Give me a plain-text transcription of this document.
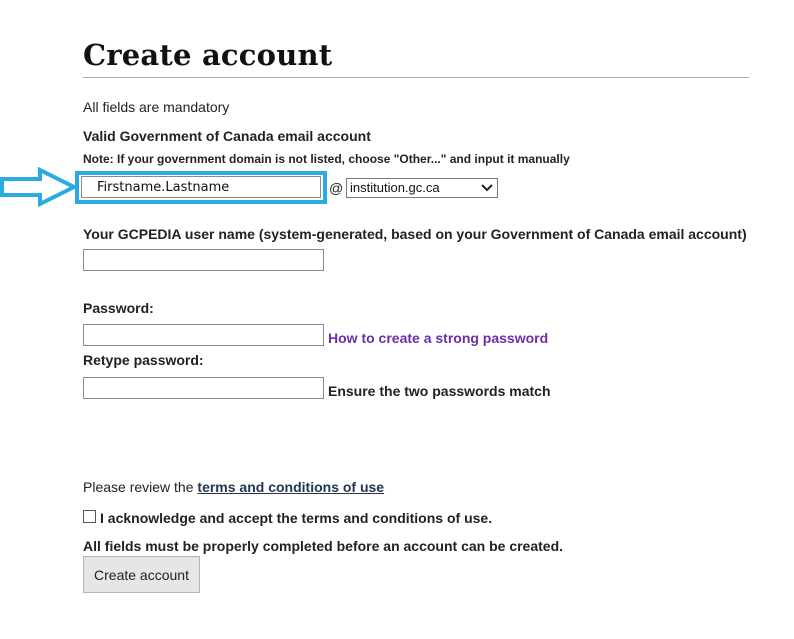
Create account
All fields are mandatory
Valid Government of Canada email account
Note: If your government domain is not listed, choose "Other..." and input it manually
Firstname.Lastname
@ institution.gc.ca
Your GCPEDIA user name (system-generated, based on your Government of Canada email account)
Password:
How to create a strong password
Retype password:
Ensure the two passwords match
Please review the terms and conditions of use
I acknowledge and accept the terms and conditions of use.
All fields must be properly completed before an account can be created.
Create account
